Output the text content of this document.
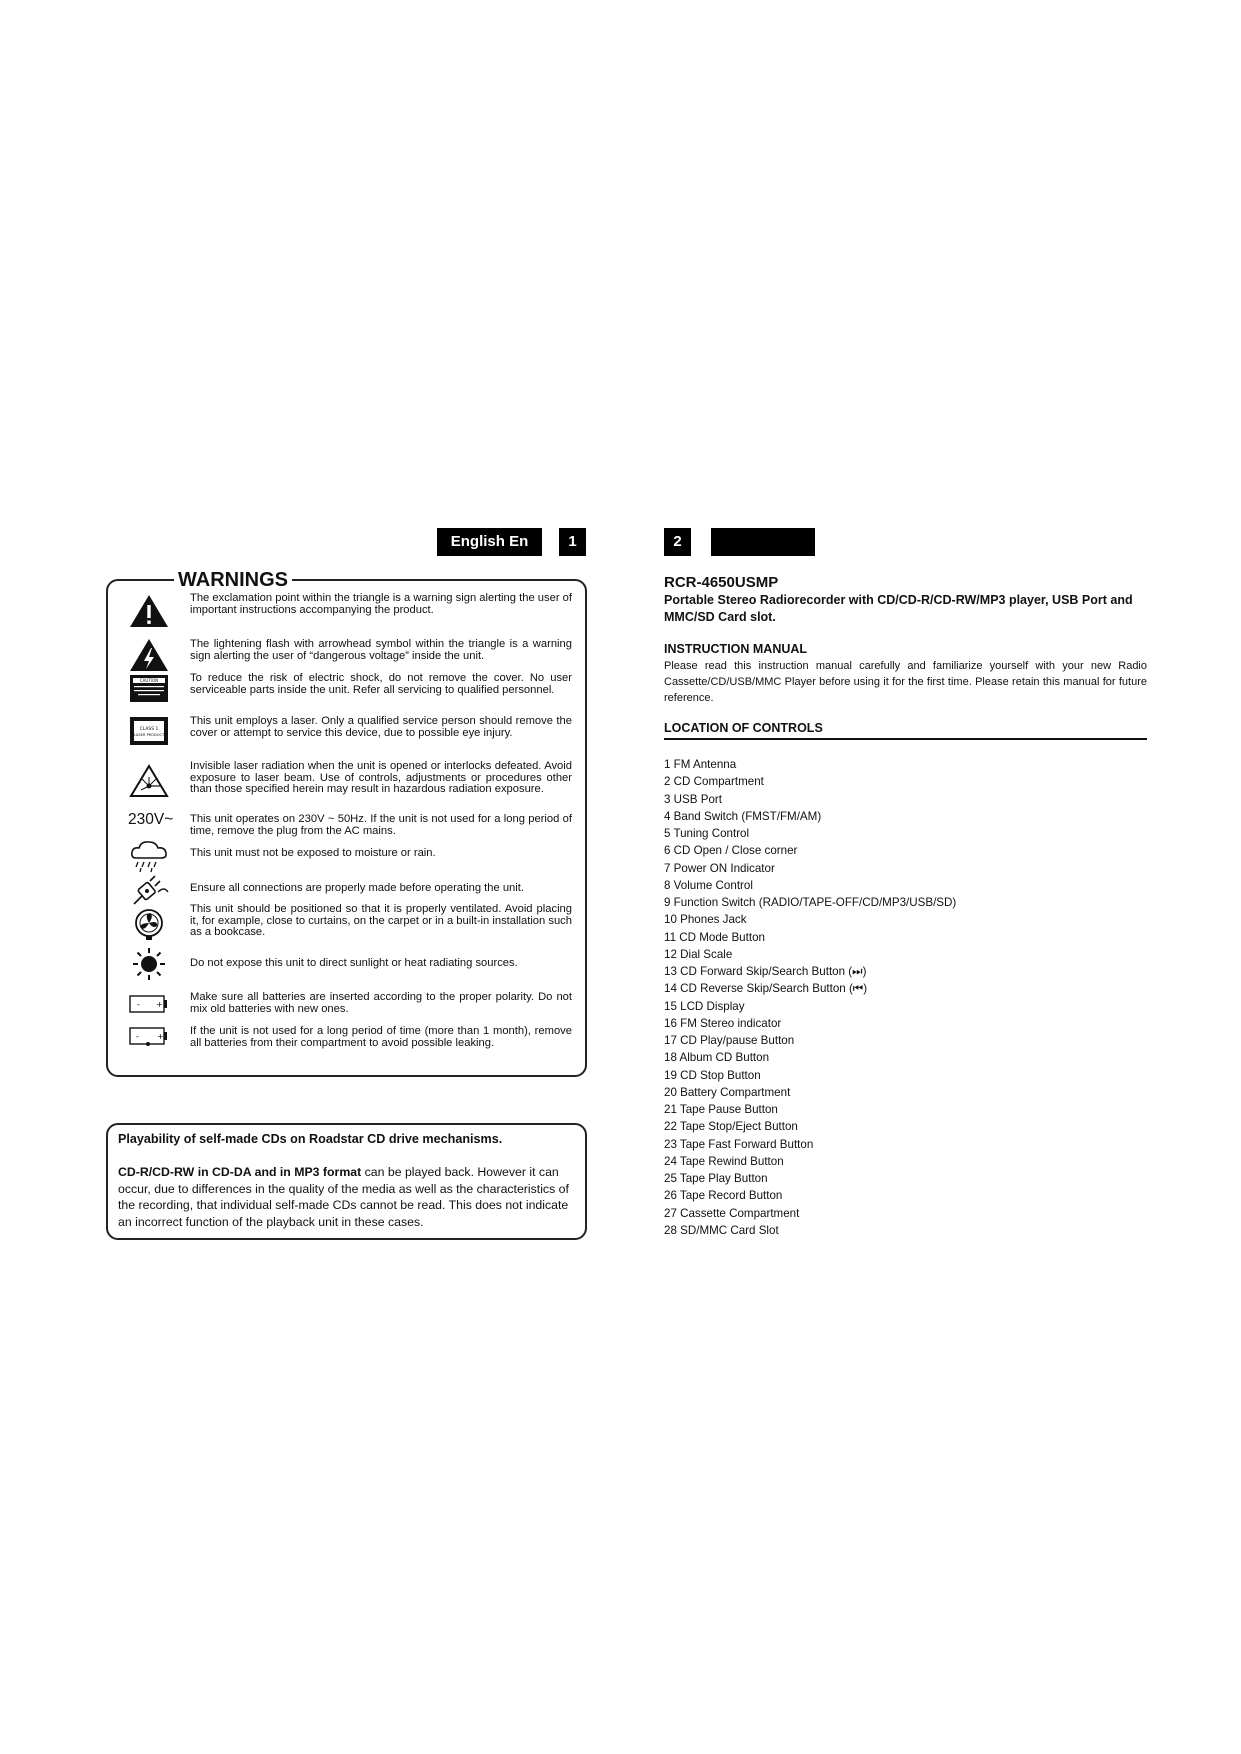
English En	1	2
WARNINGS
The exclamation point within the triangle is a warning sign alerting the user of important instructions accompanying the product.
The lightening flash with arrowhead symbol within the triangle is a warning sign alerting the user of “dangerous voltage” inside the unit.
CAUTION	To reduce the risk of electric shock, do not remove the cover. No user serviceable parts inside the unit. Refer all servicing to qualified personnel.
CLASS 1
LASER PRODUCT
This unit employs a laser. Only a qualified service person should remove the cover or attempt to service this device, due to possible eye injury.
Invisible laser radiation when the unit is opened or interlocks defeated. Avoid exposure to laser beam. Use of controls, adjustments or procedures other than those specified herein may result in hazardous radiation exposure.
230V~ This unit operates on 230V ~ 50Hz. If the unit is not used for a long period of time, remove the plug from the AC mains.
This unit must not be exposed to moisture or rain.
Ensure all connections are properly made before operating the unit.
This unit should be positioned so that it is properly ventilated. Avoid placing it, for example, close to curtains, on the carpet or in a built-in installation such as a bookcase.
Do not expose this unit to direct sunlight or heat radiating sources.
- +
Make sure all batteries are inserted according to the proper polarity. Do not mix old batteries with new ones.
- + If the unit is not used for a long period of time (more than 1 month), remove all batteries from their compartment to avoid possible leaking.
Playability of self-made CDs on Roadstar CD drive mechanisms.
CD-R/CD-RW in CD-DA and in MP3 format can be played back. However it can occur, due to differences in the quality of the media as well as the characteristics of the recording, that individual self-made CDs cannot be read. This does not indicate an incorrect function of the playback unit in these cases.
RCR-4650USMP
Portable Stereo Radiorecorder with CD/CD-R/CD-RW/MP3 player, USB Port and MMC/SD Card slot.
INSTRUCTION MANUAL
Please read this instruction manual carefully and familiarize yourself with your new Radio Cassette/CD/USB/MMC Player before using it for the first time. Please retain this manual for future reference.
LOCATION OF CONTROLS
1 FM Antenna
2 CD Compartment
3 USB Port
4 Band Switch (FMST/FM/AM)
5 Tuning Control
6 CD Open / Close corner
7 Power ON Indicator
8 Volume Control
9 Function Switch (RADIO/TAPE-OFF/CD/MP3/USB/SD)
10 Phones Jack
11 CD Mode Button
12 Dial Scale
13 CD Forward Skip/Search Button (⏭)
14 CD Reverse Skip/Search Button (⏮)
15 LCD Display
16 FM Stereo indicator
17 CD Play/pause Button
18 Album CD Button
19 CD Stop Button
20 Battery Compartment
21 Tape Pause Button
22 Tape Stop/Eject Button
23 Tape Fast Forward Button
24 Tape Rewind Button
25 Tape Play Button
26 Tape Record Button
27 Cassette Compartment
28 SD/MMC Card Slot
